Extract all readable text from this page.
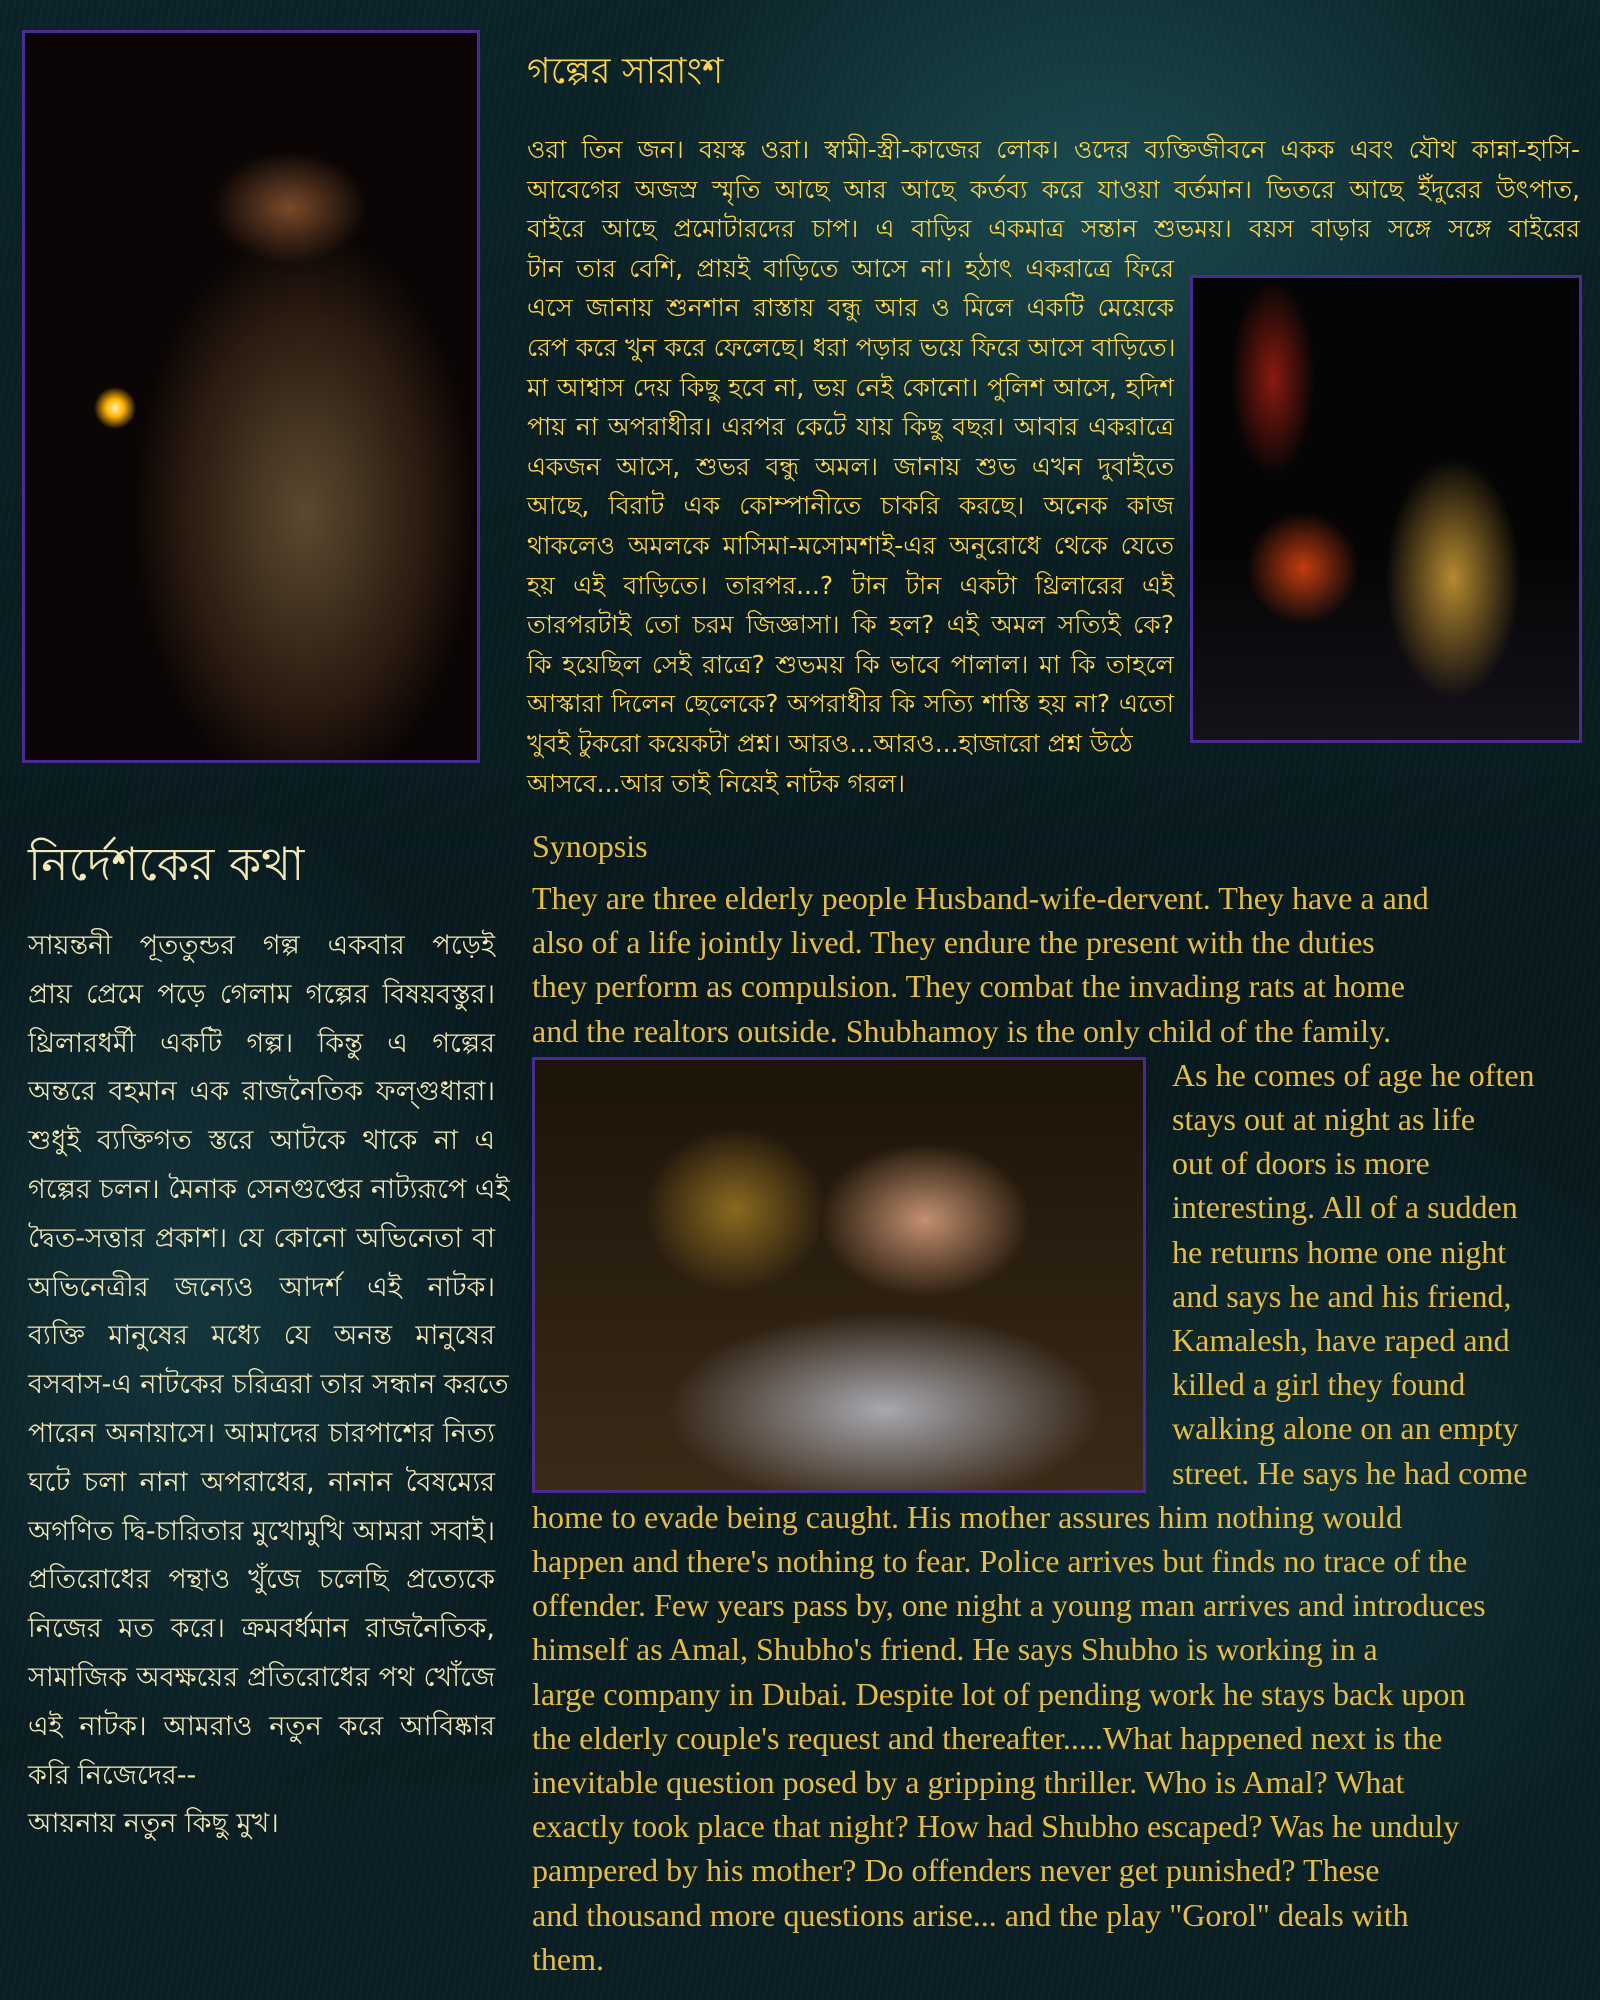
গল্পের সারাংশ
ওরা তিন জন। বয়স্ক ওরা। স্বামী-স্ত্রী-কাজের লোক। ওদের ব্যক্তিজীবনে একক এবং যৌথ কান্না-হাসি-
আবেগের অজস্র স্মৃতি আছে আর আছে কর্তব্য করে যাওয়া বর্তমান। ভিতরে আছে ইঁদুরের উৎপাত,
বাইরে আছে প্রমোটারদের চাপ। এ বাড়ির একমাত্র সন্তান শুভময়। বয়স বাড়ার সঙ্গে সঙ্গে বাইরের
টান তার বেশি, প্রায়ই বাড়িতে আসে না। হঠাৎ একরাত্রে ফিরে
এসে জানায় শুনশান রাস্তায় বন্ধু আর ও মিলে একটি মেয়েকে
রেপ করে খুন করে ফেলেছে। ধরা পড়ার ভয়ে ফিরে আসে বাড়িতে।
মা আশ্বাস দেয় কিছু হবে না, ভয় নেই কোনো। পুলিশ আসে, হদিশ
পায় না অপরাধীর। এরপর কেটে যায় কিছু বছর। আবার একরাত্রে
একজন আসে, শুভর বন্ধু অমল। জানায় শুভ এখন দুবাইতে
আছে, বিরাট এক কোম্পানীতে চাকরি করছে। অনেক কাজ
থাকলেও অমলকে মাসিমা-মসোমশাই-এর অনুরোধে থেকে যেতে
হয় এই বাড়িতে। তারপর...? টান টান একটা থ্রিলারের এই
তারপরটাই তো চরম জিজ্ঞাসা। কি হল? এই অমল সত্যিই কে?
কি হয়েছিল সেই রাত্রে? শুভময় কি ভাবে পালাল। মা কি তাহলে
আস্কারা দিলেন ছেলেকে? অপরাধীর কি সত্যি শাস্তি হয় না? এতো
খুবই টুকরো কয়েকটা প্রশ্ন। আরও...আরও...হাজারো প্রশ্ন উঠে
আসবে...আর তাই নিয়েই নাটক গরল।
নির্দেশকের কথা
সায়ন্তনী পূততুন্ডর গল্প একবার পড়েই
প্রায় প্রেমে পড়ে গেলাম গল্পের বিষয়বস্তুর।
থ্রিলারধর্মী একটি গল্প। কিন্তু এ গল্পের
অন্তরে বহমান এক রাজনৈতিক ফল্গুধারা।
শুধুই ব্যক্তিগত স্তরে আটকে থাকে না এ
গল্পের চলন। মৈনাক সেনগুপ্তের নাট্যরূপে এই
দ্বৈত-সত্তার প্রকাশ। যে কোনো অভিনেতা বা
অভিনেত্রীর জন্যেও আদর্শ এই নাটক।
ব্যক্তি মানুষের মধ্যে যে অনন্ত মানুষের
বসবাস-এ নাটকের চরিত্ররা তার সন্ধান করতে
পারেন অনায়াসে। আমাদের চারপাশের নিত্য
ঘটে চলা নানা অপরাধের, নানান বৈষম্যের
অগণিত দ্বি-চারিতার মুখোমুখি আমরা সবাই।
প্রতিরোধের পন্থাও খুঁজে চলেছি প্রত্যেকে
নিজের মত করে। ক্রমবর্ধমান রাজনৈতিক,
সামাজিক অবক্ষয়ের প্রতিরোধের পথ খোঁজে
এই নাটক। আমরাও নতুন করে আবিষ্কার
করি নিজেদের--
আয়নায় নতুন কিছু মুখ।
Synopsis
They are three elderly people Husband-wife-dervent. They have a and
also of a life jointly lived. They endure the present with the duties
they perform as compulsion. They combat the invading rats at home
and the realtors outside. Shubhamoy is the only child of the family.
As he comes of age he often
stays out at night as life
out of doors is more
interesting. All of a sudden
he returns home one night
and says he and his friend,
Kamalesh, have raped and
killed a girl they found
walking alone on an empty
street. He says he had come
home to evade being caught. His mother assures him nothing would
happen and there's nothing to fear. Police arrives but finds no trace of the
offender. Few years pass by, one night a young man arrives and introduces
himself as Amal, Shubho's friend. He says Shubho is working in a
large company in Dubai. Despite lot of pending work he stays back upon
the elderly couple's request and thereafter.....What happened next is the
inevitable question posed by a gripping thriller. Who is Amal? What
exactly took place that night? How had Shubho escaped? Was he unduly
pampered by his mother? Do offenders never get punished? These
and thousand more questions arise... and the play "Gorol" deals with
them.
